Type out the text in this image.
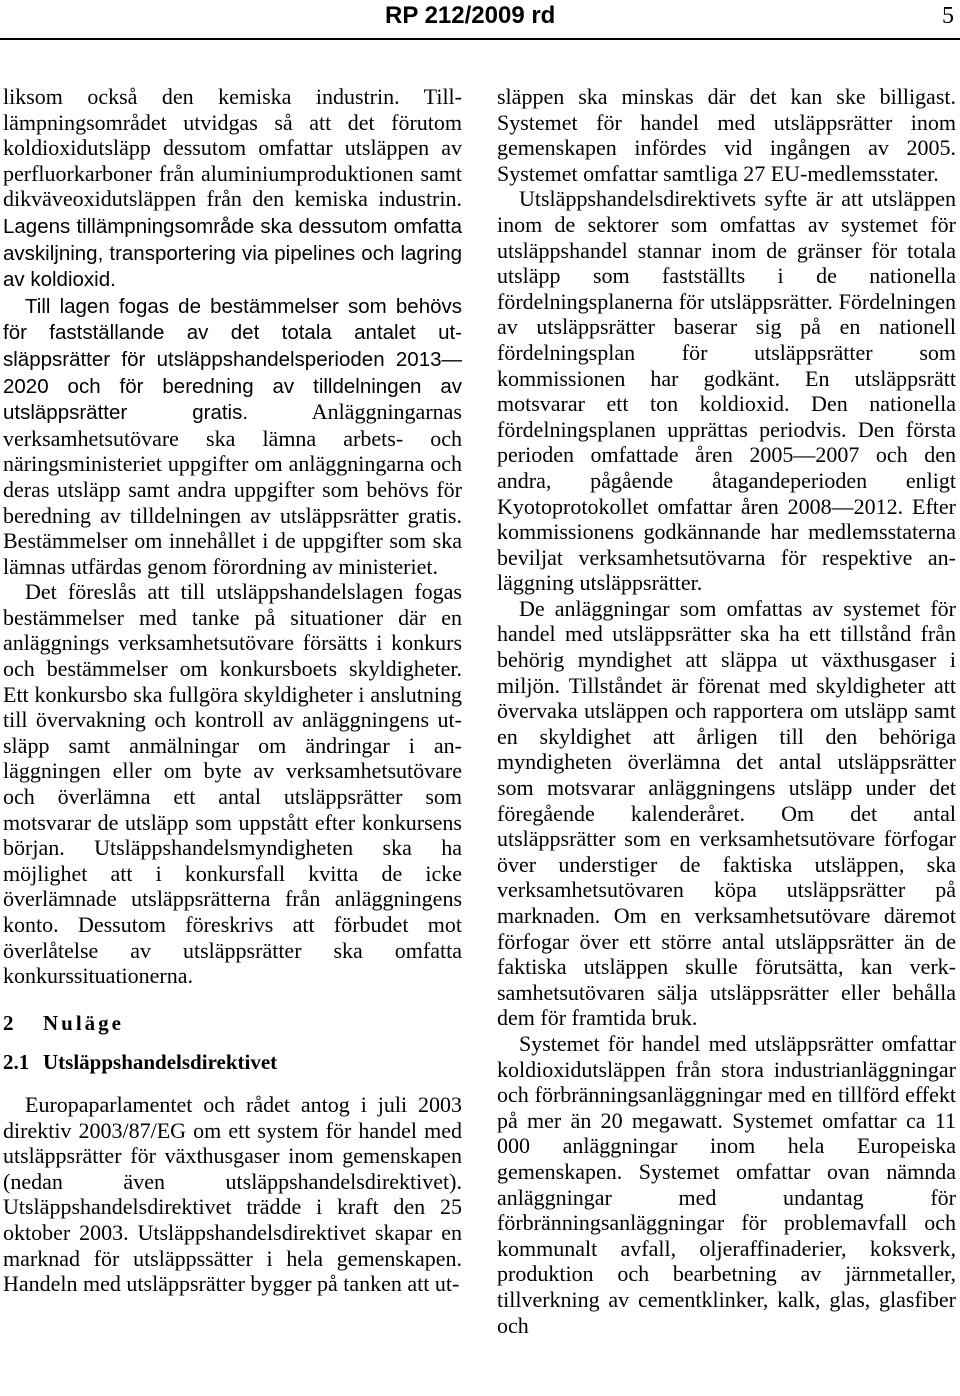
RP 212/2009 rd	5

liksom också den kemiska industrin. Tilllämpningsområdet utvidgas så att det förutom koldioxidutsläpp dessutom omfattar utsläppen av perfluorkarboner från aluminiumproduktionen samt dikväveoxidutsläppen från den kemiska industrin. Lagens tillämpningsområde ska dessutom omfatta avskiljning, transportering via pipelines och lagring av koldioxid.

Till lagen fogas de bestämmelser som behövs för fastställande av det totala antalet utsläppsrätter för utsläppshandelsperioden 2013—2020 och för beredning av tilldelningen av utsläppsrätter gratis. Anläggningarnas verksamhetsutövare ska lämna arbets- och näringsministeriet uppgifter om anläggningarna och deras utsläpp samt andra uppgifter som behövs för beredning av tilldelningen av utsläppsrätter gratis. Bestämmelser om innehållet i de uppgifter som ska lämnas utfärdas genom förordning av ministeriet.

Det föreslås att till utsläppshandelslagen fogas bestämmelser med tanke på situationer där en anläggnings verksamhetsutövare försätts i konkurs och bestämmelser om konkursboets skyldigheter. Ett konkursbo ska fullgöra skyldigheter i anslutning till övervakning och kontroll av anläggningens utsläpp samt anmälningar om ändringar i anläggningen eller om byte av verksamhetsutövare och överlämna ett antal utsläppsrätter som motsvarar de utsläpp som uppstått efter konkursens början. Utsläppshandelsmyndigheten ska ha möjlighet att i konkursfall kvitta de icke överlämnade utsläppsrätterna från anläggningens konto. Dessutom föreskrivs att förbudet mot överlåtelse av utsläppsrätter ska omfatta konkurssituationerna.

2 Nuläge

2.1 Utsläppshandelsdirektivet

Europaparlamentet och rådet antog i juli 2003 direktiv 2003/87/EG om ett system för handel med utsläppsrätter för växthusgaser inom gemenskapen (nedan även utsläppshandelsdirektivet). Utsläppshandelsdirektivet trädde i kraft den 25 oktober 2003. Utsläppshandelsdirektivet skapar en marknad för utsläppssätter i hela gemenskapen. Handeln med utsläppsrätter bygger på tanken att ut-

släppen ska minskas där det kan ske billigast. Systemet för handel med utsläppsrätter inom gemenskapen infördes vid ingången av 2005. Systemet omfattar samtliga 27 EU-medlemsstater.

Utsläppshandelsdirektivets syfte är att utsläppen inom de sektorer som omfattas av systemet för utsläppshandel stannar inom de gränser för totala utsläpp som fastställts i de nationella fördelningsplanerna för utsläppsrätter. Fördelningen av utsläppsrätter baserar sig på en nationell fördelningsplan för utsläppsrätter som kommissionen har godkänt. En utsläppsrätt motsvarar ett ton koldioxid. Den nationella fördelningsplanen upprättas periodvis. Den första perioden omfattade åren 2005—2007 och den andra, pågående åtagandeperioden enligt Kyotoprotokollet omfattar åren 2008—2012. Efter kommissionens godkännande har medlemsstaterna beviljat verksamhetsutövarna för respektive anläggning utsläppsrätter.

De anläggningar som omfattas av systemet för handel med utsläppsrätter ska ha ett tillstånd från behörig myndighet att släppa ut växthusgaser i miljön. Tillståndet är förenat med skyldigheter att övervaka utsläppen och rapportera om utsläpp samt en skyldighet att årligen till den behöriga myndigheten överlämna det antal utsläppsrätter som motsvarar anläggningens utsläpp under det föregående kalenderåret. Om det antal utsläppsrätter som en verksamhetsutövare förfogar över understiger de faktiska utsläppen, ska verksamhetsutövaren köpa utsläppsrätter på marknaden. Om en verksamhetsutövare däremot förfogar över ett större antal utsläppsrätter än de faktiska utsläppen skulle förutsätta, kan verksamhetsutövaren sälja utsläppsrätter eller behålla dem för framtida bruk.

Systemet för handel med utsläppsrätter omfattar koldioxidutsläppen från stora industrianläggningar och förbränningsanläggningar med en tillförd effekt på mer än 20 megawatt. Systemet omfattar ca 11 000 anläggningar inom hela Europeiska gemenskapen. Systemet omfattar ovan nämnda anläggningar med undantag för förbränningsanläggningar för problemavfall och kommunalt avfall, oljeraffinaderier, koksverk, produktion och bearbetning av järnmetaller, tillverkning av cementklinker, kalk, glas, glasfiber och
